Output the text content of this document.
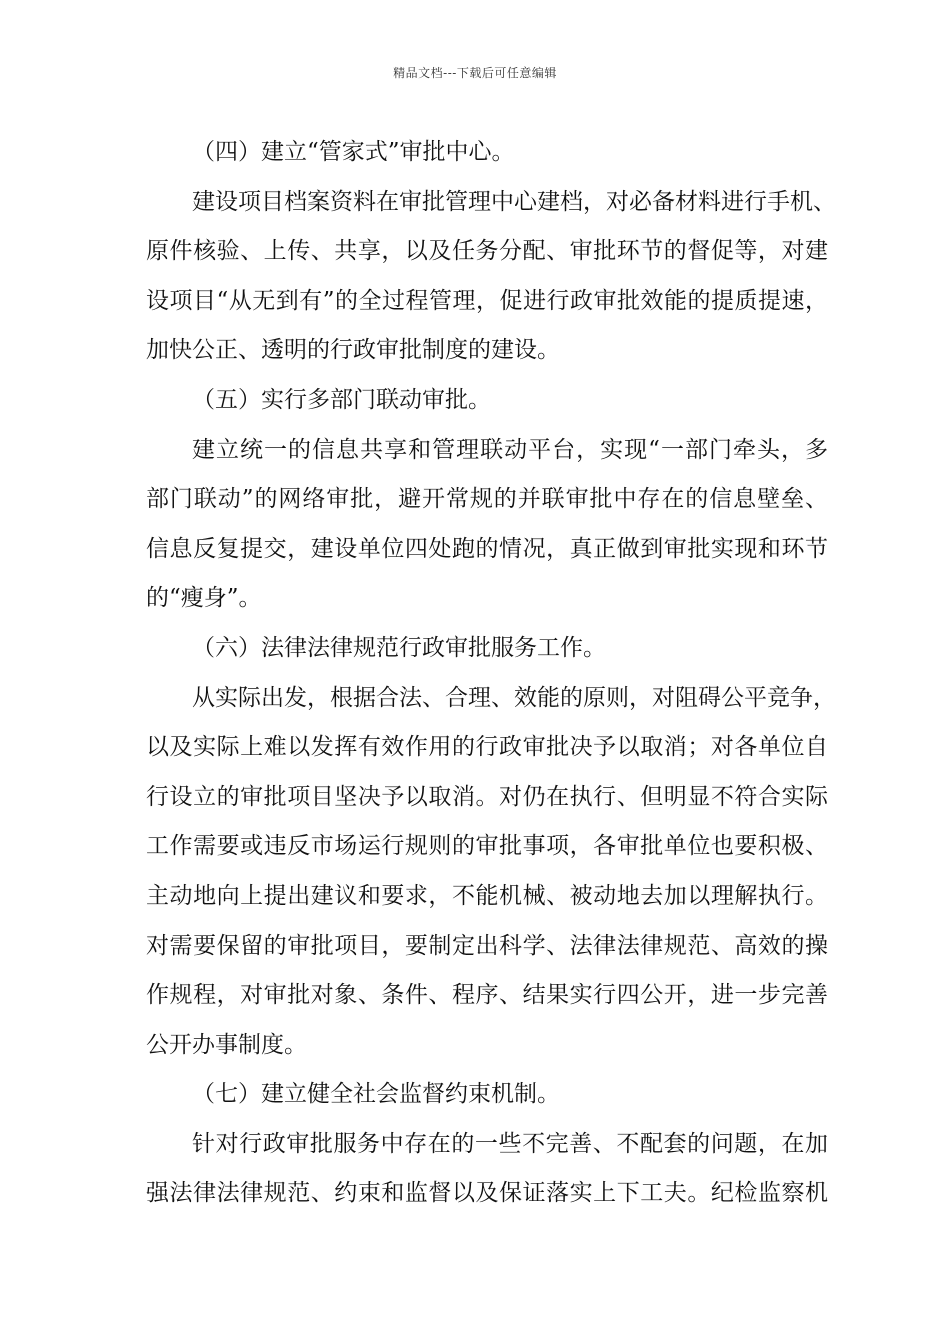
精品文档---下载后可任意编辑
（四）建立“管家式”审批中心。
建设项目档案资料在审批管理中心建档，对必备材料进行手机、
原件核验、上传、共享，以及任务分配、审批环节的督促等，对建
设项目“从无到有”的全过程管理，促进行政审批效能的提质提速，
加快公正、透明的行政审批制度的建设。
（五）实行多部门联动审批。
建立统一的信息共享和管理联动平台，实现“一部门牵头，多
部门联动”的网络审批，避开常规的并联审批中存在的信息壁垒、
信息反复提交，建设单位四处跑的情况，真正做到审批实现和环节
的“瘦身”。
（六）法律法律规范行政审批服务工作。
从实际出发，根据合法、合理、效能的原则，对阻碍公平竞争，
以及实际上难以发挥有效作用的行政审批决予以取消；对各单位自
行设立的审批项目坚决予以取消。对仍在执行、但明显不符合实际
工作需要或违反市场运行规则的审批事项，各审批单位也要积极、
主动地向上提出建议和要求，不能机械、被动地去加以理解执行。
对需要保留的审批项目，要制定出科学、法律法律规范、高效的操
作规程，对审批对象、条件、程序、结果实行四公开，进一步完善
公开办事制度。
（七）建立健全社会监督约束机制。
针对行政审批服务中存在的一些不完善、不配套的问题，在加
强法律法律规范、约束和监督以及保证落实上下工夫。纪检监察机
